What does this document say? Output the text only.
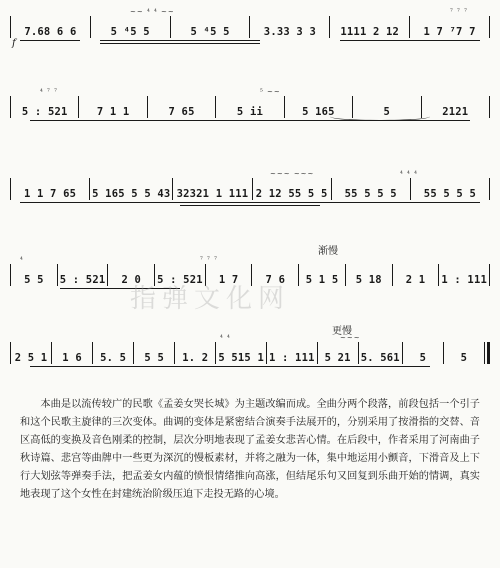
~~ ⁴ ⁴ ~~	⁷ ⁷ ⁷
7.68 6 6	5 ⁴5 5	5 ⁴5 5	3.33 3 3	1111 2 12	1 7 ⁷7 7
f
⁴ ⁷ ⁷	⁵ ~~
5 : 521	7 1 1	7 65	5 ii	5 165	5	2121
~~~ ~~~	⁴ ⁴ ⁴
1 1 7 65	5 165 5 5 43 32321 1 111 2 12 55 5 5	55 5 5 5	55 5 5 5
渐慢
⁴	⁷ ⁷ ⁷
5 5	5 : 521	2 0	5 : 521	1 7	7 6	5 1 5	5 18	2 1	1 : 111
指弹文化网
更慢
⁴ ⁴	~~~
2 5 1	1 6	5. 5	5 5	1. 2 5 515 1 1 : 111 5 21 5. 561	5	5
本曲是以流传较广的民歌《孟姜女哭长城》为主题改编而成。全曲分两个段落，前段包括一个引子和这个民歌主旋律的三次变体。曲调的变体是紧密结合演奏手法展开的，分别采用了按滑指的交替、音区高低的变换及音色刚柔的控制，层次分明地表现了孟姜女悲苦心情。在后段中，作者采用了河南曲子秋诗篇、悲宫等曲牌中一些更为深沉的慢板素材，并将之融为一体，集中地运用小颤音，下滑音及上下行大划弦等弹奏手法，把孟姜女内蕴的愤恨情绪推向高涨，但结尾乐句又回复到乐曲开始的情调，真实地表现了这个女性在封建统治阶级压迫下走投无路的心境。
